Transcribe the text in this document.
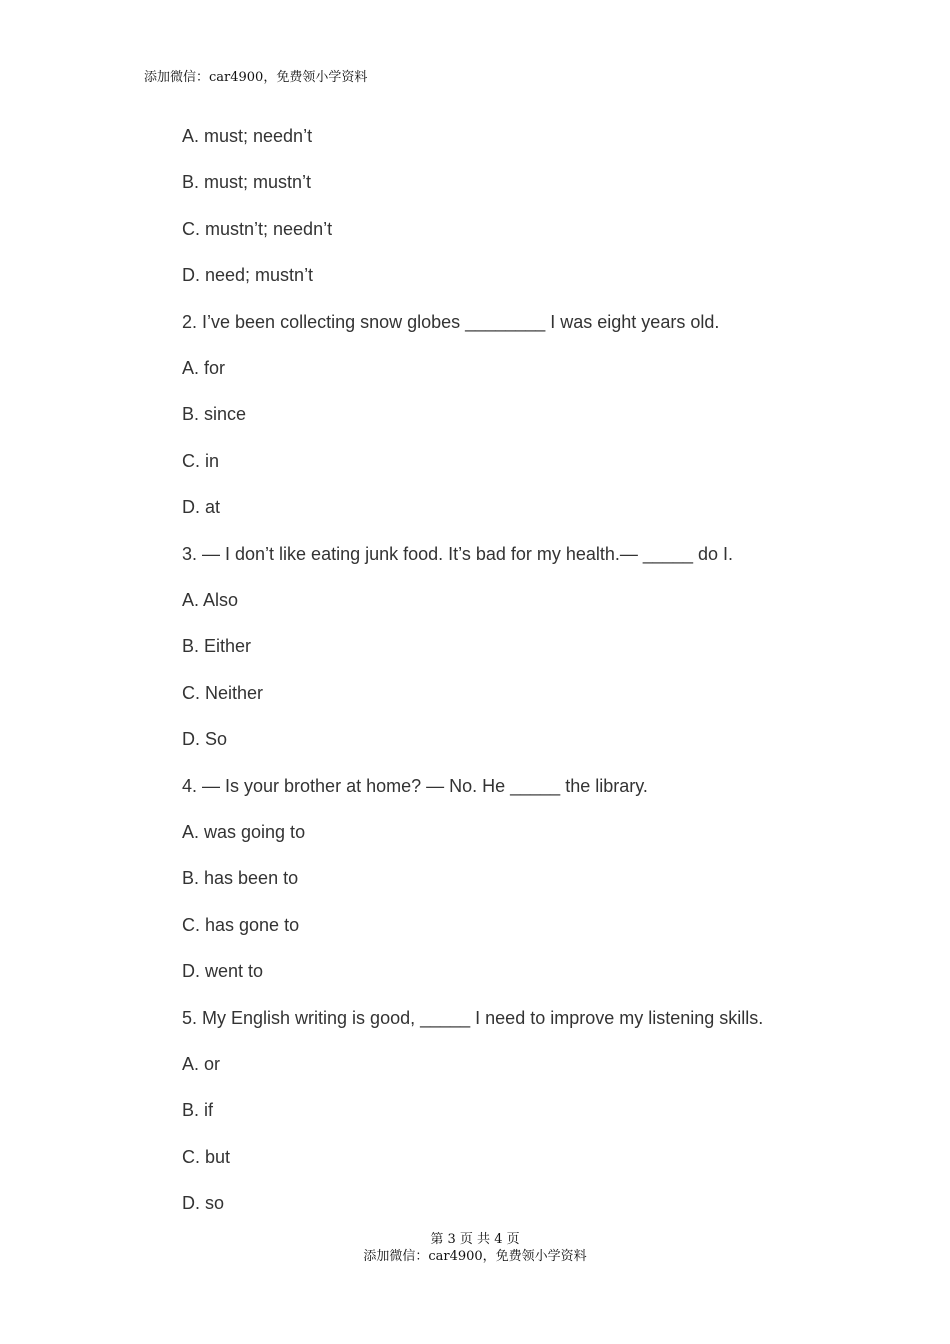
添加微信：car4900，免费领小学资料
A. must; needn’t
B. must; mustn’t
C. mustn’t; needn’t
D. need; mustn’t
2. I’ve been collecting snow globes ________ I was eight years old.
A. for
B. since
C. in
D. at
3. — I don’t like eating junk food. It’s bad for my health.— _____ do I.
A. Also
B. Either
C. Neither
D. So
4. — Is your brother at home? — No. He _____ the library.
A. was going to
B. has been to
C. has gone to
D. went to
5. My English writing is good, _____ I need to improve my listening skills.
A. or
B. if
C. but
D. so
第 3 页 共 4 页
添加微信：car4900，免费领小学资料
